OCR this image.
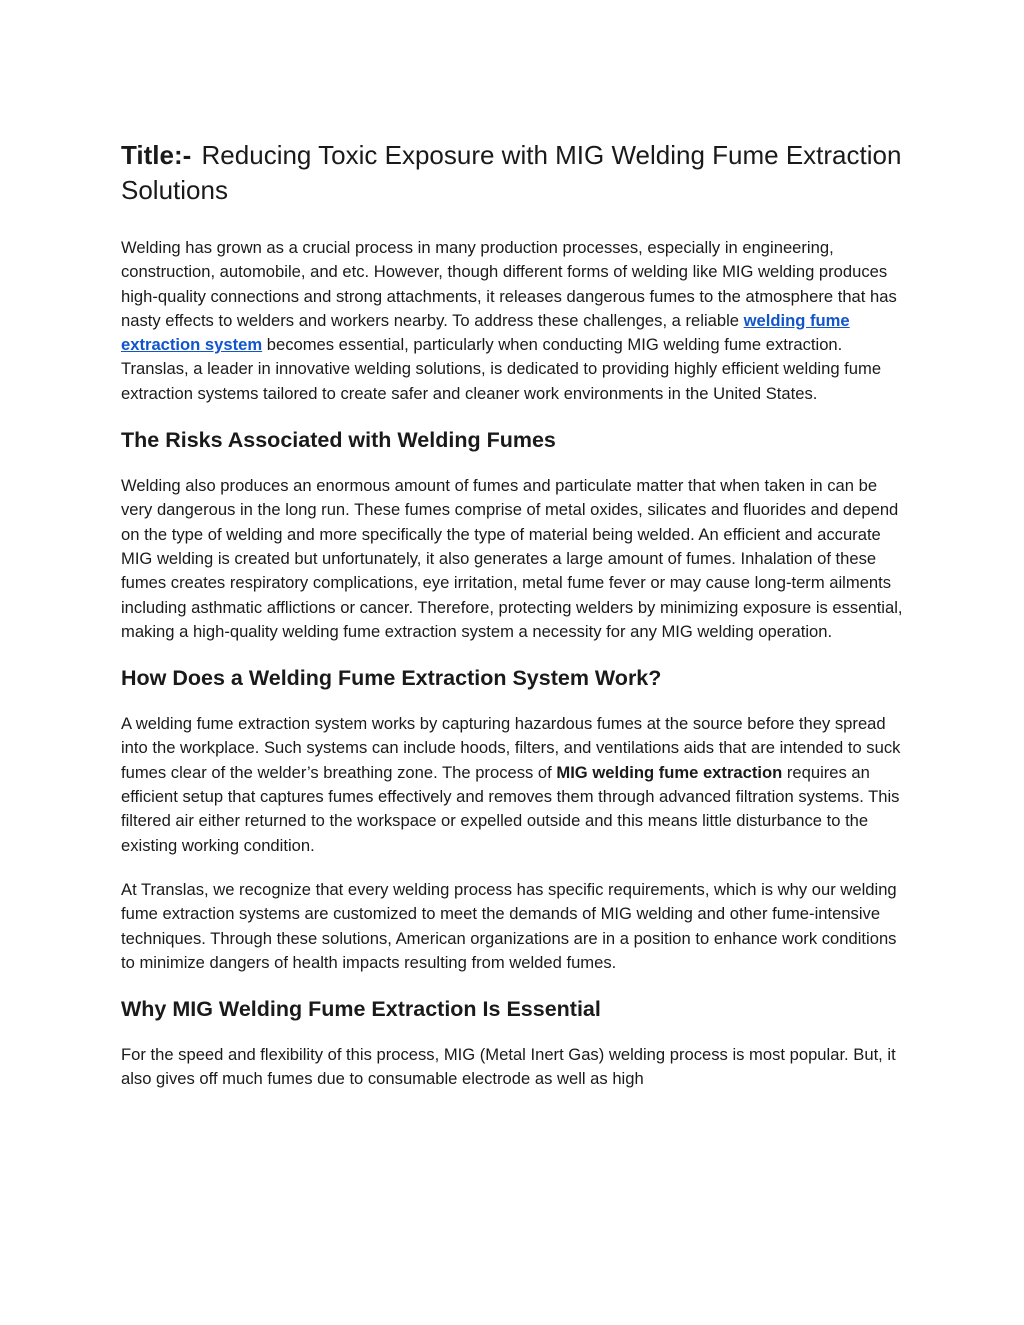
Title:- Reducing Toxic Exposure with MIG Welding Fume Extraction Solutions

Welding has grown as a crucial process in many production processes, especially in engineering, construction, automobile, and etc. However, though different forms of welding like MIG welding produces high-quality connections and strong attachments, it releases dangerous fumes to the atmosphere that has nasty effects to welders and workers nearby. To address these challenges, a reliable welding fume extraction system becomes essential, particularly when conducting MIG welding fume extraction. Translas, a leader in innovative welding solutions, is dedicated to providing highly efficient welding fume extraction systems tailored to create safer and cleaner work environments in the United States.

The Risks Associated with Welding Fumes

Welding also produces an enormous amount of fumes and particulate matter that when taken in can be very dangerous in the long run. These fumes comprise of metal oxides, silicates and fluorides and depend on the type of welding and more specifically the type of material being welded. An efficient and accurate MIG welding is created but unfortunately, it also generates a large amount of fumes. Inhalation of these fumes creates respiratory complications, eye irritation, metal fume fever or may cause long-term ailments including asthmatic afflictions or cancer. Therefore, protecting welders by minimizing exposure is essential, making a high-quality welding fume extraction system a necessity for any MIG welding operation.

How Does a Welding Fume Extraction System Work?

A welding fume extraction system works by capturing hazardous fumes at the source before they spread into the workplace. Such systems can include hoods, filters, and ventilations aids that are intended to suck fumes clear of the welder’s breathing zone. The process of MIG welding fume extraction requires an efficient setup that captures fumes effectively and removes them through advanced filtration systems. This filtered air either returned to the workspace or expelled outside and this means little disturbance to the existing working condition.

At Translas, we recognize that every welding process has specific requirements, which is why our welding fume extraction systems are customized to meet the demands of MIG welding and other fume-intensive techniques. Through these solutions, American organizations are in a position to enhance work conditions to minimize dangers of health impacts resulting from welded fumes.

Why MIG Welding Fume Extraction Is Essential

For the speed and flexibility of this process, MIG (Metal Inert Gas) welding process is most popular. But, it also gives off much fumes due to consumable electrode as well as high
